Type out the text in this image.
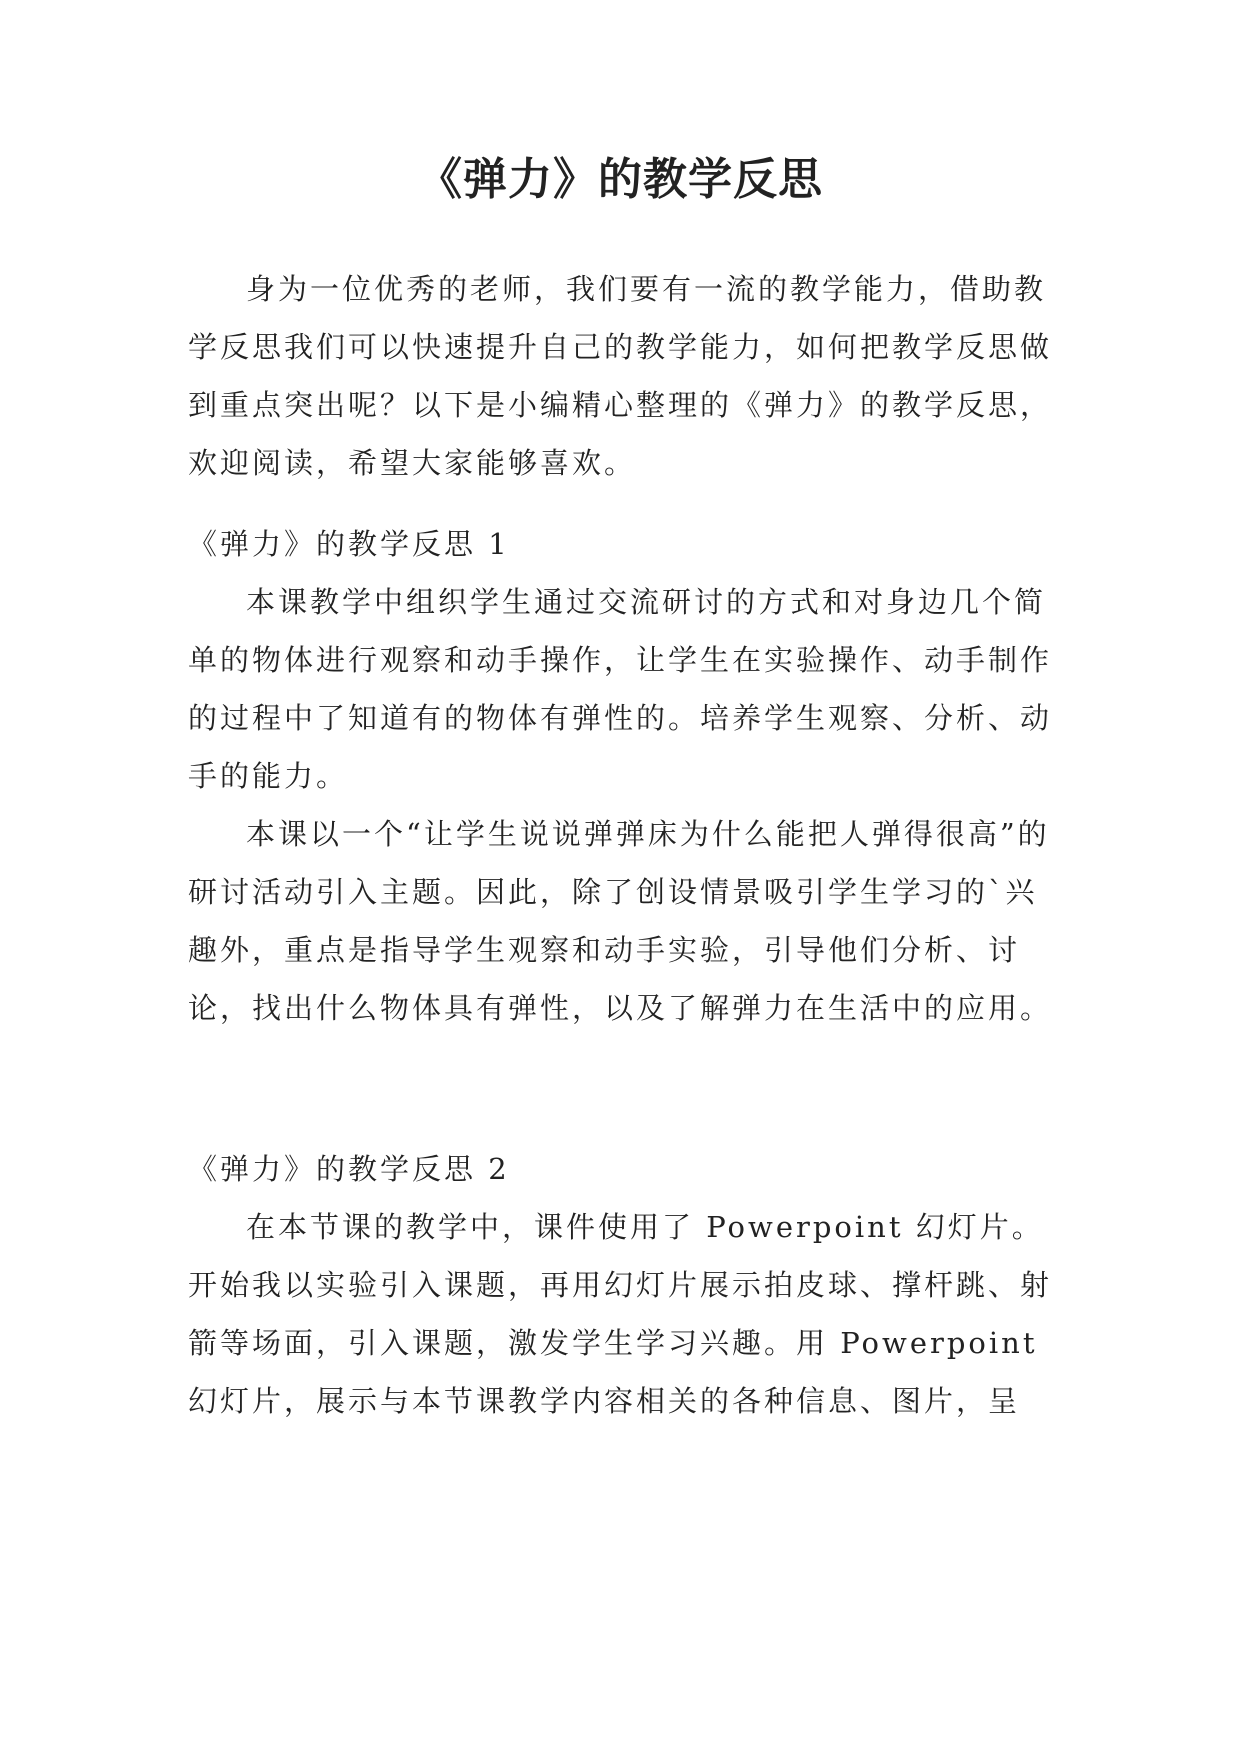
《弹力》的教学反思

身为一位优秀的老师，我们要有一流的教学能力，借助教学反思我们可以快速提升自己的教学能力，如何把教学反思做到重点突出呢？以下是小编精心整理的《弹力》的教学反思，欢迎阅读，希望大家能够喜欢。

《弹力》的教学反思 1

本课教学中组织学生通过交流研讨的方式和对身边几个简单的物体进行观察和动手操作，让学生在实验操作、动手制作的过程中了知道有的物体有弹性的。培养学生观察、分析、动手的能力。

本课以一个“让学生说说弹弹床为什么能把人弹得很高”的研讨活动引入主题。因此，除了创设情景吸引学生学习的`兴趣外，重点是指导学生观察和动手实验，引导他们分析、讨论，找出什么物体具有弹性，以及了解弹力在生活中的应用。

《弹力》的教学反思 2

在本节课的教学中，课件使用了 Powerpoint 幻灯片。开始我以实验引入课题，再用幻灯片展示拍皮球、撑杆跳、射箭等场面，引入课题，激发学生学习兴趣。用 Powerpoint 幻灯片，展示与本节课教学内容相关的各种信息、图片，呈
